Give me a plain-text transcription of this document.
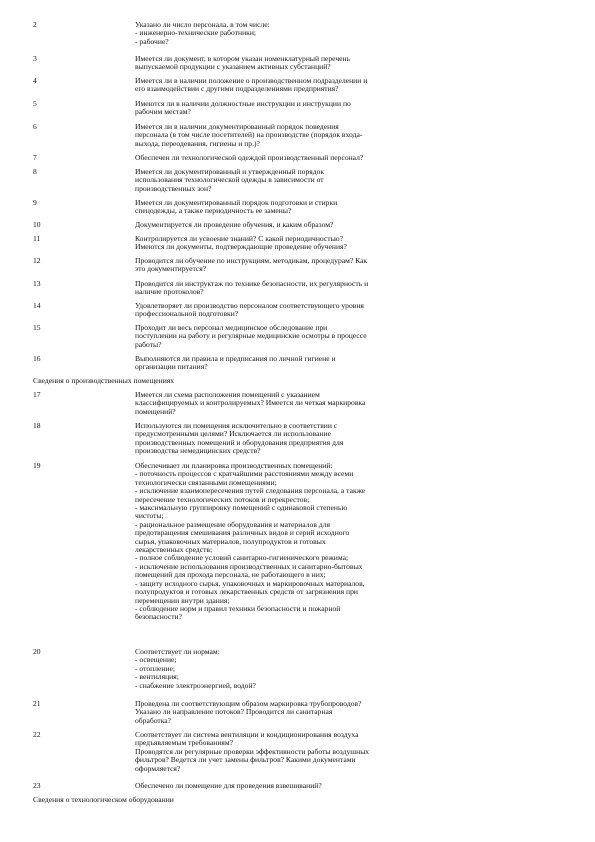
2	Указано ли число персонала, в том числе:
- инженерно-технические работники;
- рабочие?
3	Имеется ли документ, в котором указан номенклатурный перечень
выпускаемой продукции с указанием активных субстанций?
4	Имеется ли в наличии положение о производственном подразделении и
его взаимодействии с другими подразделениями предприятия?
5	Имеются ли в наличии должностные инструкции и инструкции по
рабочим местам?
6	Имеется ли в наличии документированный порядок поведения
персонала (в том числе посетителей) на производстве (порядок входа-
выхода, переодевания, гигиены и пр.)?
7	Обеспечен ли технологической одеждой производственный персонал?
8	Имеется ли документированный и утвержденный порядок
использования технологической одежды в зависимости от
производственных зон?
9	Имеется ли документированный порядок подготовки и стирки
спецодежды, а также периодичность ее замены?
10	Документируется ли проведение обучения, и каким образом?
11	Контролируется ли усвоение знаний? С какой периодичностью?
Имеются ли документы, подтверждающие проведение обучения?
12	Проводится ли обучение по инструкциям, методикам, процедурам? Как
это документируется?
13	Проводится ли инструктаж по технике безопасности, их регулярность и
наличие протоколов?
14	Удовлетворяет ли производство персоналом соответствующего уровня
профессиональной подготовки?
15	Проходит ли весь персонал медицинское обследование при
поступлении на работу и регулярные медицинские осмотры в процессе
работы?
16	Выполняются ли правила и предписания по личной гигиене и
организации питания?
Сведения о производственных помещениях
17	Имеется ли схема расположения помещений с указанием
классифицируемых и контролируемых? Имеется ли четкая маркировка
помещений?
18	Используются ли помещения исключительно в соответствии с
предусмотренными целями? Исключается ли использование
производственных помещений и оборудования предприятия для
производства немедицинских средств?
19	Обеспечивает ли планировка производственных помещений:
- поточность процессов с кратчайшими расстояниями между всеми
технологически связанными помещениями;
- исключение взаимопересечения путей следования персонала, а также
пересечение технологических потоков и перекрестов;
- максимальную группировку помещений с одинаковой степенью
чистоты;
- рациональное размещение оборудования и материалов для
предотвращения смешивания различных видов и серий исходного
сырья, упаковочных материалов, полупродуктов и готовых
лекарственных средств;
- полное соблюдение условий санитарно-гигиенического режима;
- исключение использования производственных и санитарно-бытовых
помещений для прохода персонала, не работающего в них;
- защиту исходного сырья, упаковочных и маркировочных материалов,
полупродуктов и готовых лекарственных средств от загрязнения при
перемещении внутри здания;
- соблюдение норм и правил техники безопасности и пожарной
безопасности?
20	Соответствует ли нормам:
- освещение;
- отопление;
- вентиляция;
- снабжение электроэнергией, водой?
21	Проведена ли соответствующим образом маркировка трубопроводов?
Указано ли направление потоков? Проводится ли санитарная
обработка?
22	Соответствует ли система вентиляции и кондиционирования воздуха
предъявляемым требованиям?
Проводятся ли регулярные проверки эффективности работы воздушных
фильтров? Ведется ли учет замены фильтров? Какими документами
оформляется?
23	Обеспечено ли помещение для проведения взвешиваний?
Сведения о технологическом оборудовании
